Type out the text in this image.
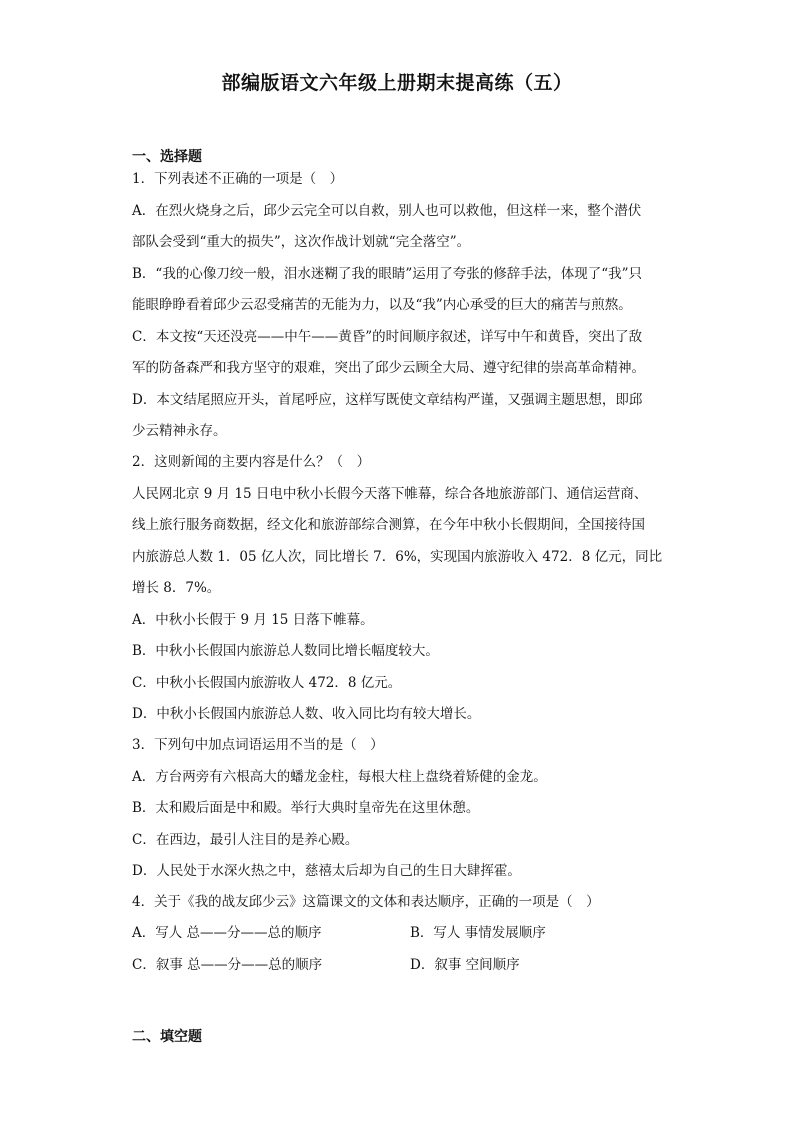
部编版语文六年级上册期末提高练（五）
一、选择题
1．下列表述不正确的一项是（　）
A．在烈火烧身之后，邱少云完全可以自救，别人也可以救他，但这样一来，整个潜伏
部队会受到“重大的损失”，这次作战计划就“完全落空”。
B．“我的心像刀绞一般，泪水迷糊了我的眼睛”运用了夸张的修辞手法，体现了“我”只
能眼睁睁看着邱少云忍受痛苦的无能为力，以及“我”内心承受的巨大的痛苦与煎熬。
C．本文按“天还没亮——中午——黄昏”的时间顺序叙述，详写中午和黄昏，突出了敌
军的防备森严和我方坚守的艰难，突出了邱少云顾全大局、遵守纪律的崇高革命精神。
D．本文结尾照应开头，首尾呼应，这样写既使文章结构严谨，又强调主题思想，即邱
少云精神永存。
2．这则新闻的主要内容是什么？（　）
人民网北京 9 月 15 日电中秋小长假今天落下帷幕，综合各地旅游部门、通信运营商、
线上旅行服务商数据，经文化和旅游部综合测算，在今年中秋小长假期间，全国接待国
内旅游总人数 1．05 亿人次，同比增长 7．6%，实现国内旅游收入 472．8 亿元，同比
增长 8．7%。
A．中秋小长假于 9 月 15 日落下帷幕。
B．中秋小长假国内旅游总人数同比增长幅度较大。
C．中秋小长假国内旅游收人 472．8 亿元。
D．中秋小长假国内旅游总人数、收入同比均有较大增长。
3．下列句中加点词语运用不当的是（　）
A．方台两旁有六根高大的蟠龙金柱，每根大柱上盘绕着矫健的金龙。
B．太和殿后面是中和殿。举行大典时皇帝先在这里休憩。
C．在西边，最引人注目的是养心殿。
D．人民处于水深火热之中，慈禧太后却为自己的生日大肆挥霍。
4．关于《我的战友邱少云》这篇课文的文体和表达顺序，正确的一项是（　）
A．写人 总——分——总的顺序	B．写人 事情发展顺序
C．叙事 总——分——总的顺序	D．叙事 空间顺序
二、填空题
